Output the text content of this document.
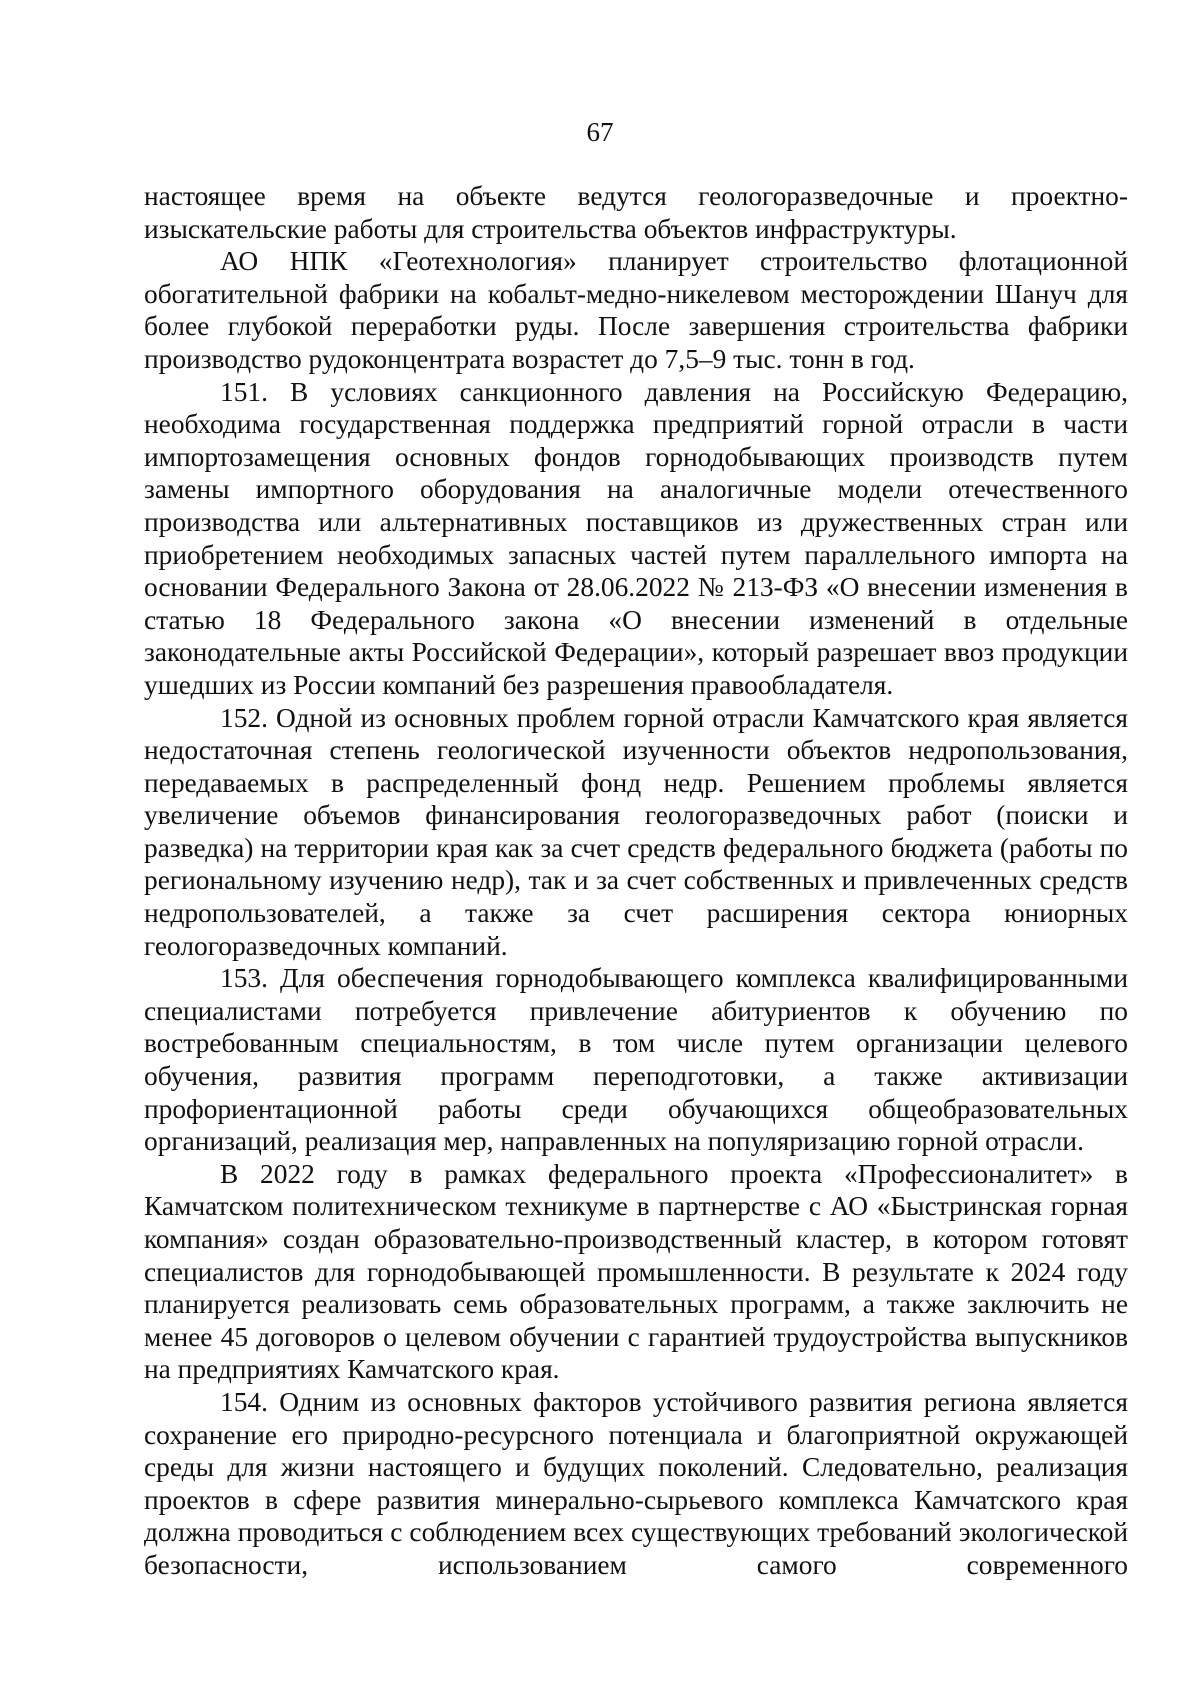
67

настоящее время на объекте ведутся геологоразведочные и проектно-изыскательские работы для строительства объектов инфраструктуры.

АО НПК «Геотехнология» планирует строительство флотационной обогатительной фабрики на кобальт-медно-никелевом месторождении Шануч для более глубокой переработки руды. После завершения строительства фабрики производство рудоконцентрата возрастет до 7,5–9 тыс. тонн в год.

151. В условиях санкционного давления на Российскую Федерацию, необходима государственная поддержка предприятий горной отрасли в части импортозамещения основных фондов горнодобывающих производств путем замены импортного оборудования на аналогичные модели отечественного производства или альтернативных поставщиков из дружественных стран или приобретением необходимых запасных частей путем параллельного импорта на основании Федерального Закона от 28.06.2022 № 213-ФЗ «О внесении изменения в статью 18 Федерального закона «О внесении изменений в отдельные законодательные акты Российской Федерации», который разрешает ввоз продукции ушедших из России компаний без разрешения правообладателя.

152. Одной из основных проблем горной отрасли Камчатского края является недостаточная степень геологической изученности объектов недропользования, передаваемых в распределенный фонд недр. Решением проблемы является увеличение объемов финансирования геологоразведочных работ (поиски и разведка) на территории края как за счет средств федерального бюджета (работы по региональному изучению недр), так и за счет собственных и привлеченных средств недропользователей, а также за счет расширения сектора юниорных геологоразведочных компаний.

153. Для обеспечения горнодобывающего комплекса квалифицированными специалистами потребуется привлечение абитуриентов к обучению по востребованным специальностям, в том числе путем организации целевого обучения, развития программ переподготовки, а также активизации профориентационной работы среди обучающихся общеобразовательных организаций, реализация мер, направленных на популяризацию горной отрасли.

В 2022 году в рамках федерального проекта «Профессионалитет» в Камчатском политехническом техникуме в партнерстве с АО «Быстринская горная компания» создан образовательно-производственный кластер, в котором готовят специалистов для горнодобывающей промышленности. В результате к 2024 году планируется реализовать семь образовательных программ, а также заключить не менее 45 договоров о целевом обучении с гарантией трудоустройства выпускников на предприятиях Камчатского края.

154. Одним из основных факторов устойчивого развития региона является сохранение его природно-ресурсного потенциала и благоприятной окружающей среды для жизни настоящего и будущих поколений. Следовательно, реализация проектов в сфере развития минерально-сырьевого комплекса Камчатского края должна проводиться с соблюдением всех существующих требований экологической безопасности, использованием самого современного
